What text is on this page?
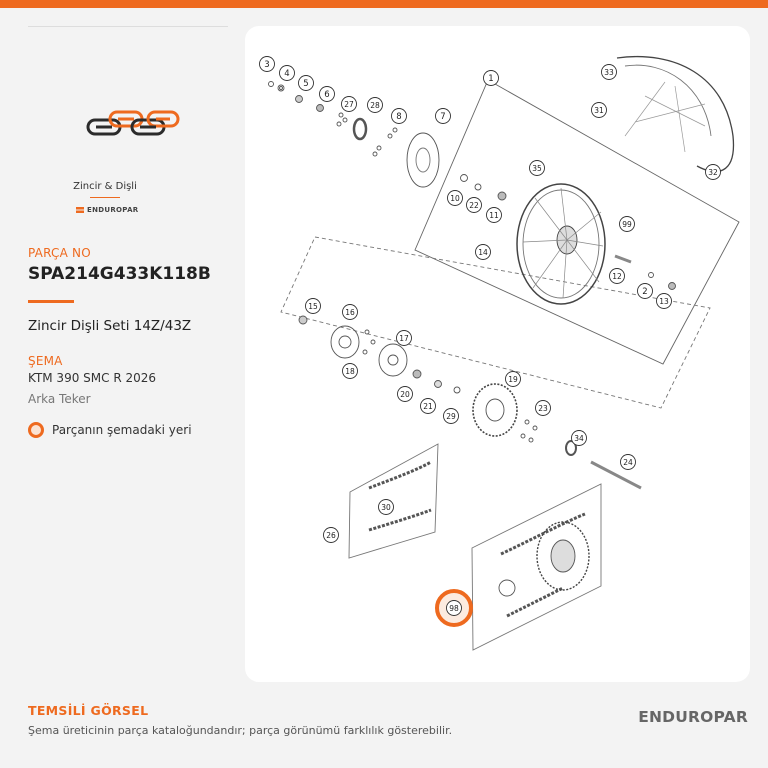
Zincir & Dişli
ENDUROPAR
PARÇA NO
SPA214G433K118B
Zincir Dişli Seti 14Z/43Z
ŞEMA
KTM 390 SMC R 2026
Arka Teker
Parçanın şemadaki yeri
3
4
5
6
27 28
8	7
1
33
31
32
35
10
22
11
99
14
12
2
13
15
16
17
18
20
21
29
19
23
34
24
30
26
98
TEMSİLİ GÖRSEL
Şema üreticinin parça kataloğundandır; parça görünümü farklılık gösterebilir.
ENDUROPAR
